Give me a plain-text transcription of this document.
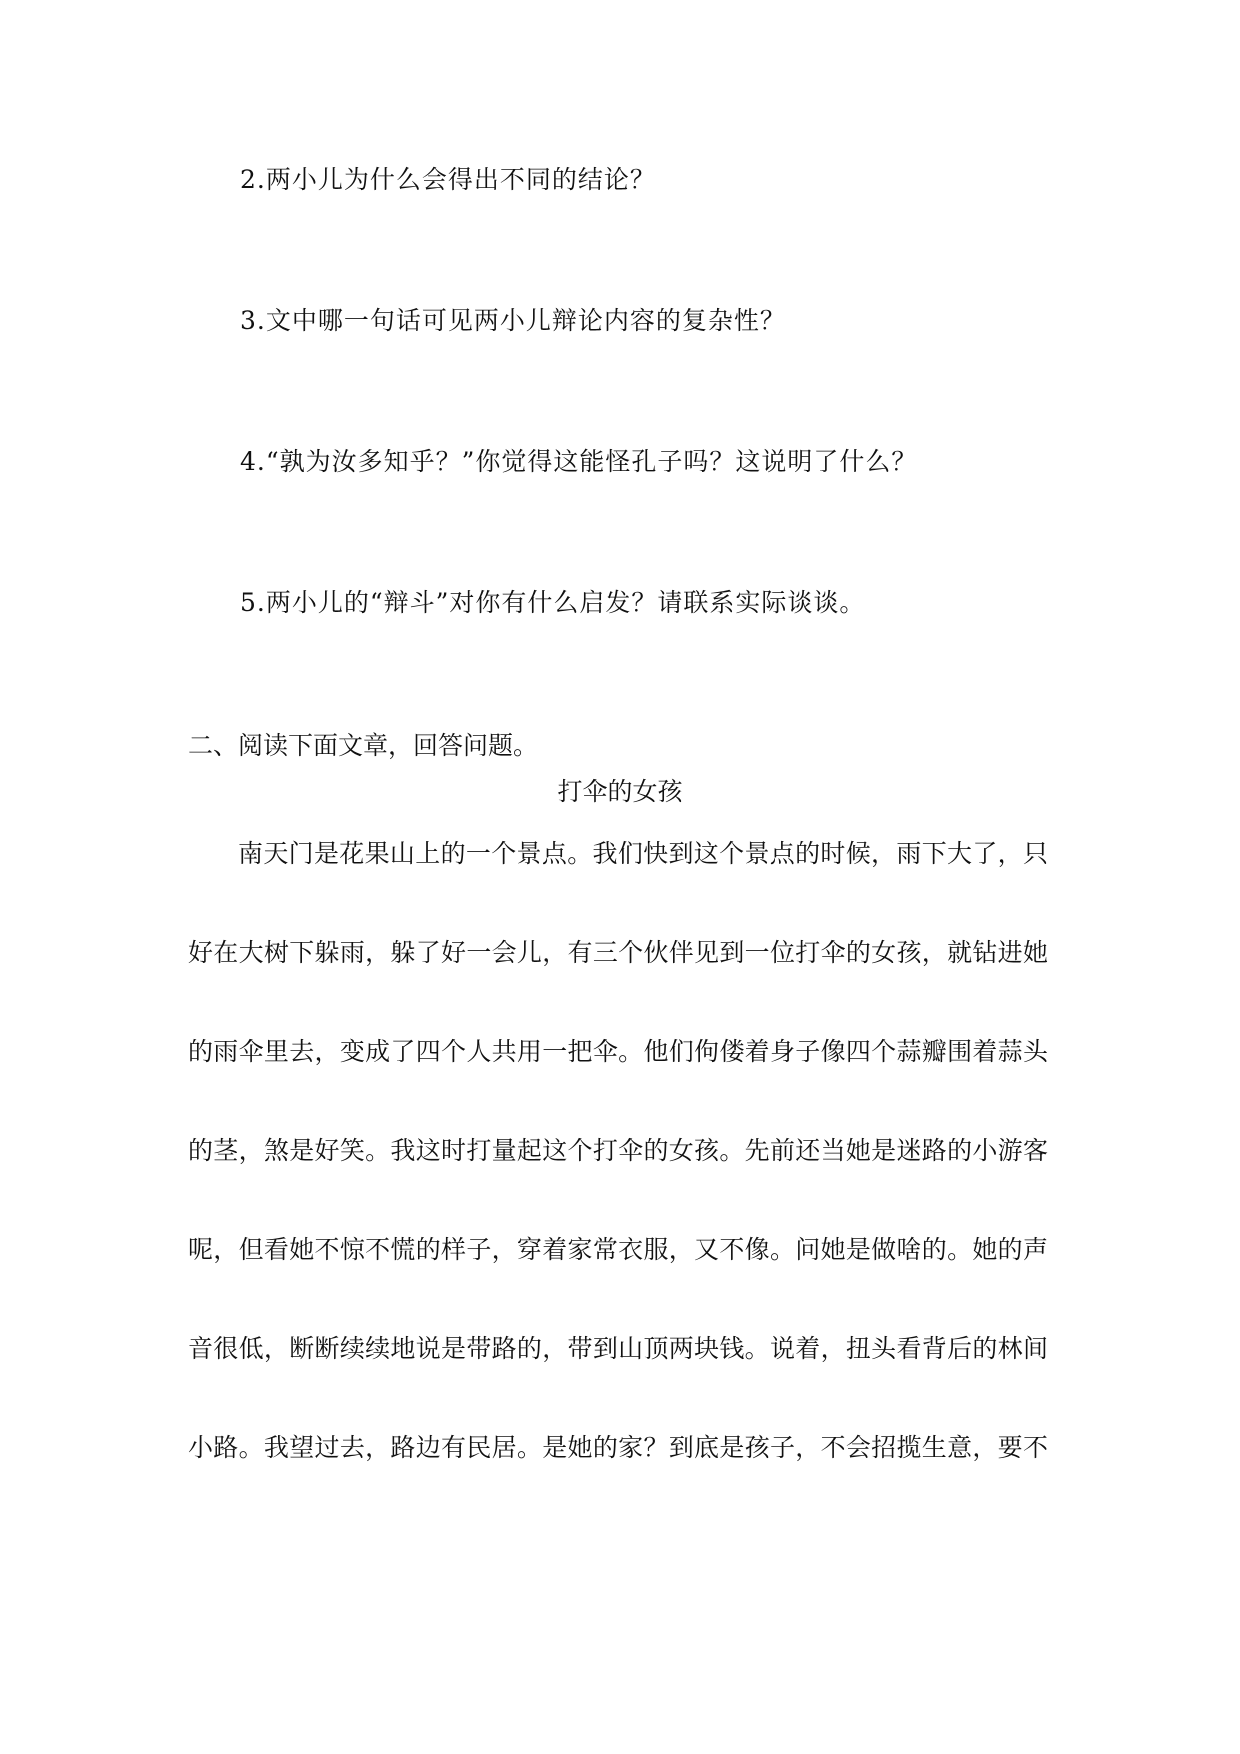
2.两小儿为什么会得出不同的结论？
3.文中哪一句话可见两小儿辩论内容的复杂性？
4.“孰为汝多知乎？”你觉得这能怪孔子吗？这说明了什么？
5.两小儿的“辩斗”对你有什么启发？请联系实际谈谈。
二、阅读下面文章，回答问题。
打伞的女孩
南天门是花果山上的一个景点。我们快到这个景点的时候，雨下大了，只
好在大树下躲雨，躲了好一会儿，有三个伙伴见到一位打伞的女孩，就钻进她
的雨伞里去，变成了四个人共用一把伞。他们佝偻着身子像四个蒜瓣围着蒜头
的茎，煞是好笑。我这时打量起这个打伞的女孩。先前还当她是迷路的小游客
呢，但看她不惊不慌的样子，穿着家常衣服，又不像。问她是做啥的。她的声
音很低，断断续续地说是带路的，带到山顶两块钱。说着，扭头看背后的林间
小路。我望过去，路边有民居。是她的家？到底是孩子，不会招揽生意，要不
